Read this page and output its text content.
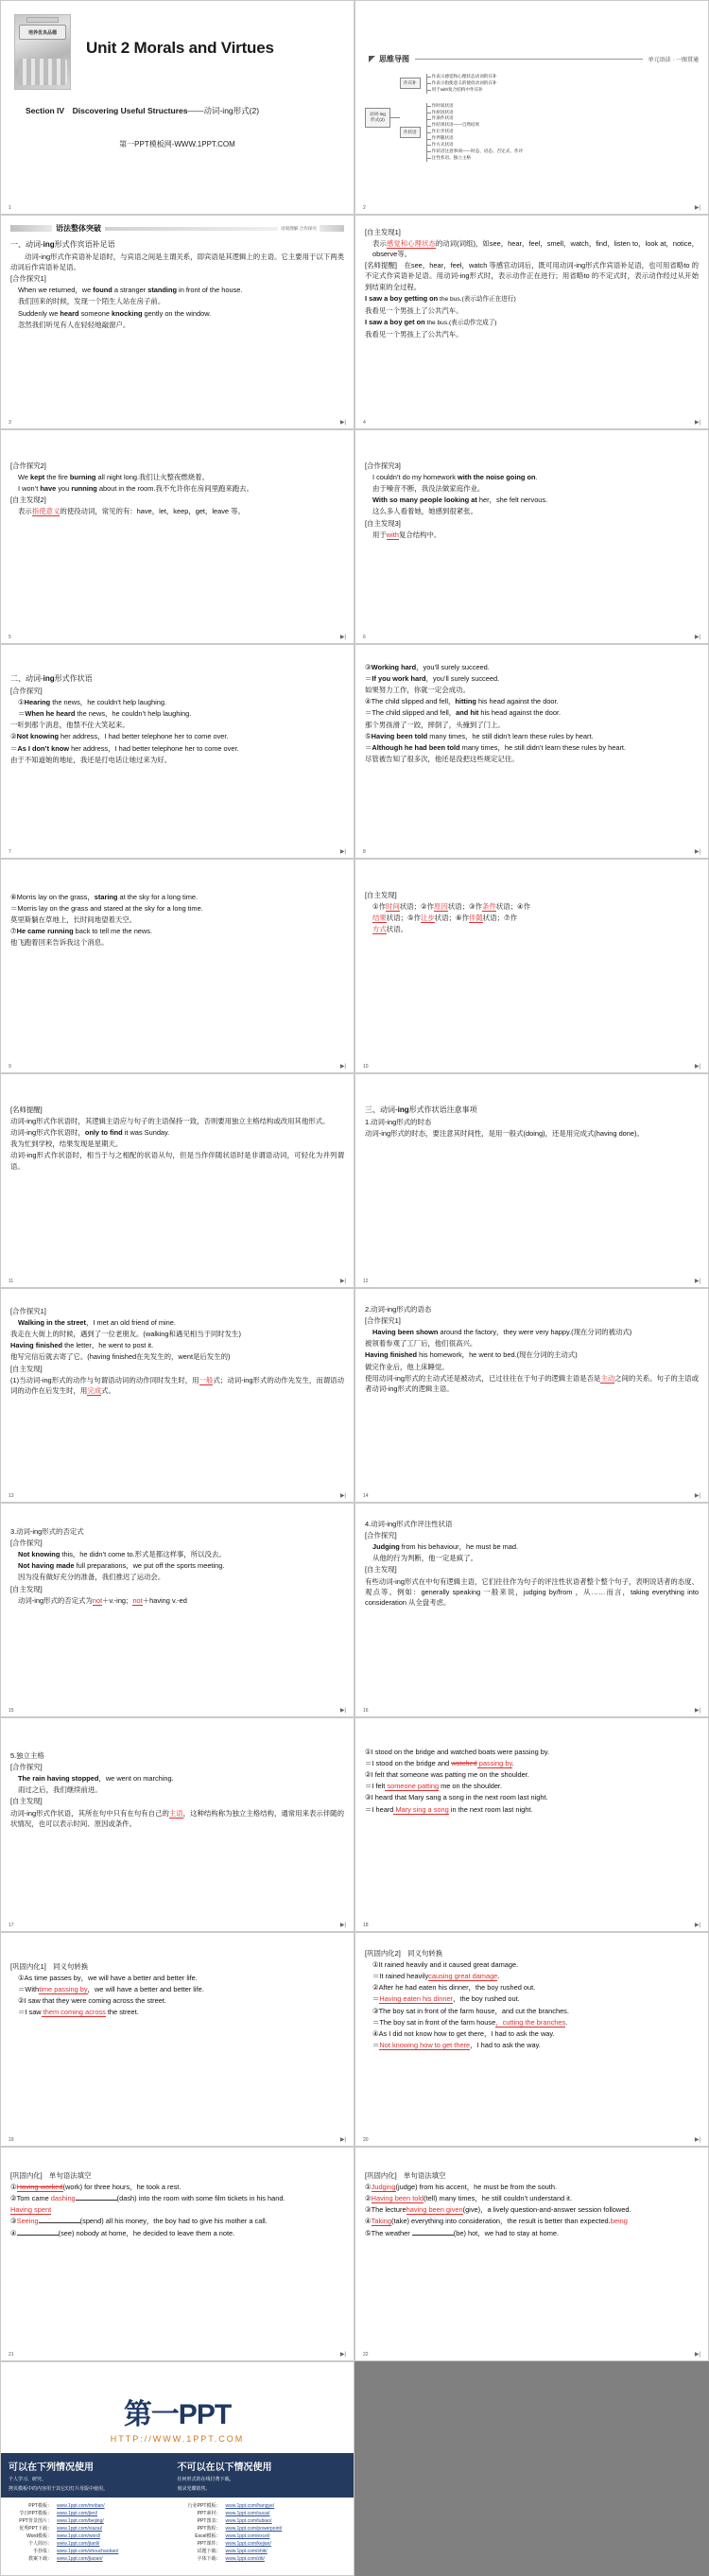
培养优良品德
Unit 2 Morals and Virtues
Section IV　Discovering Useful Structures——动词-ing形式(2)
第一PPT模板网-WWW.1PPT.COM
1
思维导图	单元语法 · 一图贯通
动词-ing
形式(2)
作宾补
作表示感觉和心理状态动词的宾补
作表示指使意义的使役动词的宾补
用于with复合结构中作宾补
作状语
作时间状语
作原因状语
作条件状语
作结果状语——自然结果
作让步状语
作伴随状语
作方式状语
作状语注意事项——时态、语态、否定式、作评
注性状语、独立主格
2	▶|
语法整体突破	语境理解 合作探究
一、动词-ing形式作宾语补足语

动词-ing形式作宾语补足语时，与宾语之间是主谓关系，即宾语是其逻辑上的主语。它主要用于以下两类动词后作宾语补足语。

[合作探究1]

When we returned，we found a stranger standing in front of the house.

我们回来的时候，发现一个陌生人站在房子前。

Suddenly we heard someone knocking gently on the window.

忽然我们听见有人在轻轻地敲窗户。

3	▶|

[自主发现1]

表示感觉和心理状态的动词(词组)，如see，hear，feel，smell，watch，find，listen to，look at，notice，observe等。

[名师提醒]　 在see，hear，feel，watch 等感官动词后，既可用动词-ing形式作宾语补足语，也可用省略to 的不定式作宾语补足语。用动词-ing形式时，表示动作正在进行；用省略to 的不定式时，表示动作经过从开始到结束的全过程。

I saw a boy getting on the bus.(表示动作正在进行)

我看见一个男孩上了公共汽车。

I saw a boy get on the bus.(表示动作完成了)

我看见一个男孩上了公共汽车。

4	▶|

[合作探究2]

We kept the fire burning all night long.我们让火整夜燃烧着。

I won’t have you running about in the room.我不允许你在房间里跑来跑去。

[自主发现2]

表示指使意义的使役动词，常见的有：have，let，keep，get，leave 等。

5	▶|

[合作探究3]

I couldn’t do my homework with the noise going on.

由于噪音不断，我没法做家庭作业。

With so many people looking at her，she felt nervous.

这么多人看着她，她感到很紧张。

[自主发现3]

用于with复合结构中。

6	▶|
二、动词-ing形式作状语

[合作探究]

①Hearing the news，he couldn’t help laughing.

＝When he heard the news，he couldn’t help laughing.

一听到那个消息，他禁不住大笑起来。

②Not knowing her address，I had better telephone her to come over.

＝As I don’t know her address，I had better telephone her to come over.

由于不知道她的地址，我还是打电话让她过来为好。

7	▶|

③Working hard，you’ll surely succeed.

＝If you work hard，you’ll surely succeed.

如果努力工作，你就一定会成功。

④The child slipped and fell，hitting his head against the door.

＝The child slipped and fell，and hit his head against the door.

那个男孩滑了一跤，摔倒了，头撞到了门上。

⑤Having been told many times，he still didn’t learn these rules by heart.

＝Although he had been told many times，he still didn’t learn these rules by heart.

尽管被告知了很多次，他还是没把这些规定记住。

8	▶|

⑥Morris lay on the grass，staring at the sky for a long time.

＝Morris lay on the grass and stared at the sky for a long time.

莫里斯躺在草地上，长时间地望着天空。

⑦He came running back to tell me the news.

他飞跑着回来告诉我这个消息。

9	▶|

[自主发现]

①作时间状语；②作原因状语；③作条件状语；④作

结果状语；⑤作让步状语；⑥作伴随状语；⑦作

方式状语。

10	▶|

[名师提醒]

动词-ing形式作状语时，其逻辑主语应与句子的主语保持一致，否则要用独立主格结构或改用其他形式。

动词-ing形式作状语时，only to find it was Sunday.

我为忙到学校，结果发现是星期天。

动词-ing形式作状语时，相当于与之相配的状语从句，但是当作伴随状语时是非谓语动词，可轻化为并列谓语。

11	▶|
三、动词-ing形式作状语注意事项

1.动词-ing形式的时态

动词-ing形式的时态，要注意其时间性，是用一般式(doing)，还是用完成式(having done)。

12	▶|

[合作探究1]

Walking in the street，I met an old friend of mine.

我走在大街上的时候，遇到了一位老朋友。(walking和遇见相当于同时发生)

Having finished the letter，he went to post it.

他写完信后就去寄了它。(having finished在先发生的，went是后发生的)

[自主发现]

(1)当动词-ing形式的动作与句谓语动词的动作同时发生时，用一般式；动词-ing形式的动作先发生，而谓语动词的动作在后发生时，用完成式。

13	▶|

2.动词-ing形式的语态

[合作探究1]

Having been shown around the factory，they were very happy.(现在分词的被动式)

被领着参观了工厂后，他们很高兴。

Having finished his homework，he went to bed.(现在分词的主动式)

做完作业后，他上床睡觉。

使用动词-ing形式的主动式还是被动式，已过往往在于句子的逻辑主语是否是主动之间的关系。句子的主语或者动词-ing形式的逻辑主语。

14	▶|

3.动词-ing形式的否定式

[合作探究]

Not knowing this，he didn’t come to.形式是都这样事，所以没去。

Not having made full preparations，we put off the sports meeting.

因为没有做好充分的准备，我们推迟了运动会。

[自主发现]

动词-ing形式的否定式为not＋v.-ing；not＋having v.-ed

15	▶|

4.动词-ing形式作评注性状语

[合作探究]

Judging from his behaviour，he must be mad.

从他的行为判断，他一定是疯了。

[自主发现]

有些动词-ing形式在中句有逻辑主语，它们往往作为句子的评注性状语者整个整个句子，表明说话者的态度、观点等。例如：generally speaking 一般来说，judging by/from ，从……而言，taking everything into consideration 从全盘考虑。

16	▶|

5.独立主格

[合作探究]

The rain having stopped，we went on marching.

雨过之后，我们继续前进。

[自主发现]

动词-ing形式作状语，其所在句中只有在句有自己的主语，这种结构称为独立主格结构，通常用来表示伴随的状情况，也可以表示时间、原因或条件。

17	▶|

①I stood on the bridge and watched boats were passing by.

＝I stood on the bridge and watched passing by.

②I felt that someone was patting me on the shoulder.

＝I felt someone patting me on the shoulder.

③I heard that Mary sang a song in the next room last night.

＝I heard Mary sing a song in the next room last night.

18	▶|

[巩固内化1]　同义句转换

①As time passes by，we will have a better and better life.

＝Withtime passing by，we will have a better and better life.

②I saw that they were coming across the street.

＝I saw them coming across the street.

19	▶|

[巩固内化2]　同义句转换

①It rained heavily and it caused great damage.

＝It rained heavilycausing great damage.

②After he had eaten his dinner，the boy rushed out.

＝Having eaten his dinner，the boy rushed out.

③The boy sat in front of the farm house，and cut the branches.

＝The boy sat in front of the farm house，cutting the branches.

④As I did not know how to get there，I had to ask the way.

＝Not knowing how to get there，I had to ask the way.

20	▶|

[巩固内化]　单句语法填空

①Having worked(work) for three hours，he took a rest.

②Tom came dashing	(dash) into the room with some film tickets in his hand.

Having spent

③Seeing	(spend) all his money，the boy had to give his mother a call.

④	(see) nobody at home，he decided to leave them a note.

21	▶|

[巩固内化]　单句语法填空

①Judging(judge) from his accent，he must be from the south.

②Having been told(tell) many times，he still couldn’t understand it.

③The lecturehaving been given(give)，a lively question-and-answer session followed.

④Taking(take) everything into consideration，the result is better than expected.being

⑤The weather	(be) hot，we had to stay at home.

22	▶|
第一PPT
HTTP://WWW.1PPT.COM
可以在下列情况使用
个人学习、研究。
拷贝模板中的内容用于其它幻灯片母版中使用。
不可以在以下情况使用
任何形式的在线付费下载。
刻录光碟销售。
PPT模板： www.1ppt.com/moban/
节日PPT模板： www.1ppt.com/jieri/
PPT背景图片： www.1ppt.com/beijing/
优秀PPT下载： www.1ppt.com/xiazai/
Word模板： www.1ppt.com/word/
个人简历： www.1ppt.com/jianli/
手抄报： www.1ppt.com/shouchaobao/
教案下载： www.1ppt.com/jiaoan/
行业PPT模板： www.1ppt.com/hangye/
PPT素材： www.1ppt.com/sucai/
PPT图表： www.1ppt.com/tubiao/
PPT教程： www.1ppt.com/powerpoint/
Excel模板： www.1ppt.com/excel/
PPT课件： www.1ppt.com/kejian/
试题下载： www.1ppt.com/shiti/
字体下载： www.1ppt.com/ziti/
